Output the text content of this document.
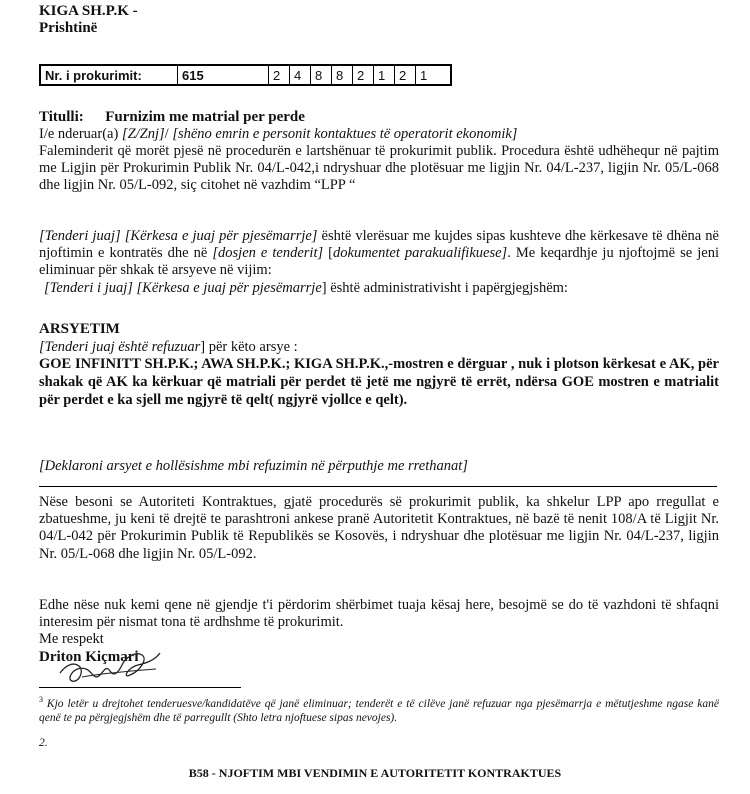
KIGA SH.P.K -
Prishtinë
Nr. i prokurimit:	615	2	4	8	8	2	1	2	1
Titulli: Furnizim me matrial per perde
I/e nderuar(a) [Z/Znj]/ [shëno emrin e personit kontaktues të operatorit ekonomik]
Faleminderit që morët pjesë në procedurën e lartshënuar të prokurimit publik. Procedura është udhëhequr në pajtim me Ligjin për Prokurimin Publik Nr. 04/L-042,i ndryshuar dhe plotësuar me ligjin Nr. 04/L-237, ligjin Nr. 05/L-068 dhe ligjin Nr. 05/L-092, siç citohet në vazhdim “LPP “
[Tenderi juaj] [Kërkesa e juaj për pjesëmarrje] është vlerësuar me kujdes sipas kushteve dhe kërkesave të dhëna në njoftimin e kontratës dhe në [dosjen e tenderit] [dokumentet parakualifikuese]. Me keqardhje ju njoftojmë se jeni eliminuar për shkak të arsyeve në vijim:
[Tenderi i juaj] [Kërkesa e juaj për pjesëmarrje] është administrativisht i papërgjegjshëm:
ARSYETIM
[Tenderi juaj është refuzuar] për këto arsye :
GOE INFINITT SH.P.K.; AWA SH.P.K.; KIGA SH.P.K.,-mostren e dërguar , nuk i plotson kërkesat e AK, për shakak që AK ka kërkuar që matriali për perdet të jetë me ngjyrë të errët, ndërsa GOE mostren e matrialit për perdet e ka sjell me ngjyrë të qelt( ngjyrë vjollce e qelt).
[Deklaroni arsyet e hollësishme mbi refuzimin në përputhje me rrethanat]
Nëse besoni se Autoriteti Kontraktues, gjatë procedurës së prokurimit publik, ka shkelur LPP apo rregullat e zbatueshme, ju keni të drejtë te parashtroni ankese pranë Autoritetit Kontraktues, në bazë të nenit 108/A të Ligjit Nr. 04/L-042 për Prokurimin Publik të Republikës se Kosovës, i ndryshuar dhe plotësuar me ligjin Nr. 04/L-237, ligjin Nr. 05/L-068 dhe ligjin Nr. 05/L-092.
Edhe nëse nuk kemi qene në gjendje t'i përdorim shërbimet tuaja kësaj here, besojmë se do të vazhdoni të shfaqni interesim për nismat tona të ardhshme të prokurimit.
Me respekt
Driton Kiçmari
$^3$ Kjo letër u drejtohet tenderuesve/kandidatëve që janë eliminuar; tenderët e të cilëve janë refuzuar nga pjesëmarrja e mëtutjeshme ngase kanë qenë te pa përgjegjshëm dhe të parregullt (Shto letra njoftuese sipas nevojes).
2.
B58 - NJOFTIM MBI VENDIMIN E AUTORITETIT KONTRAKTUES
